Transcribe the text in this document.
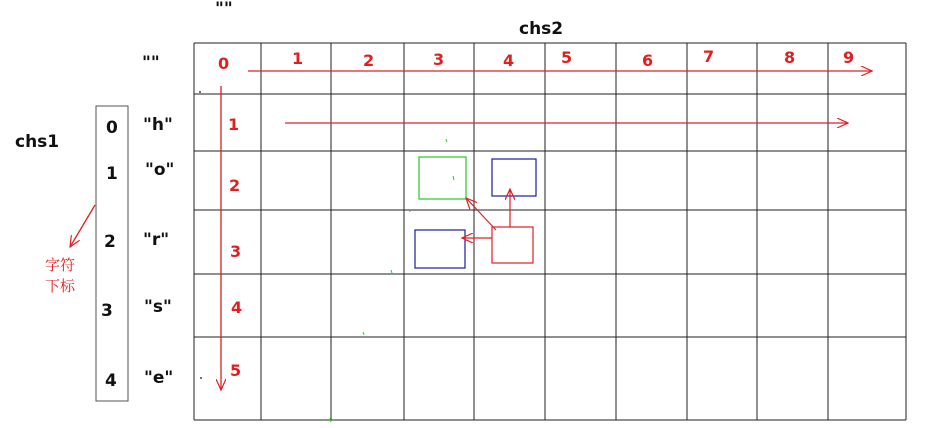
""
chs2
chs1
""
0
1
2
3
4
"h"
"o"
"r"
"s"
"e"
字符
下标
0	1	2	3	4	5	6	7	8	9
1
2
3
4
5
